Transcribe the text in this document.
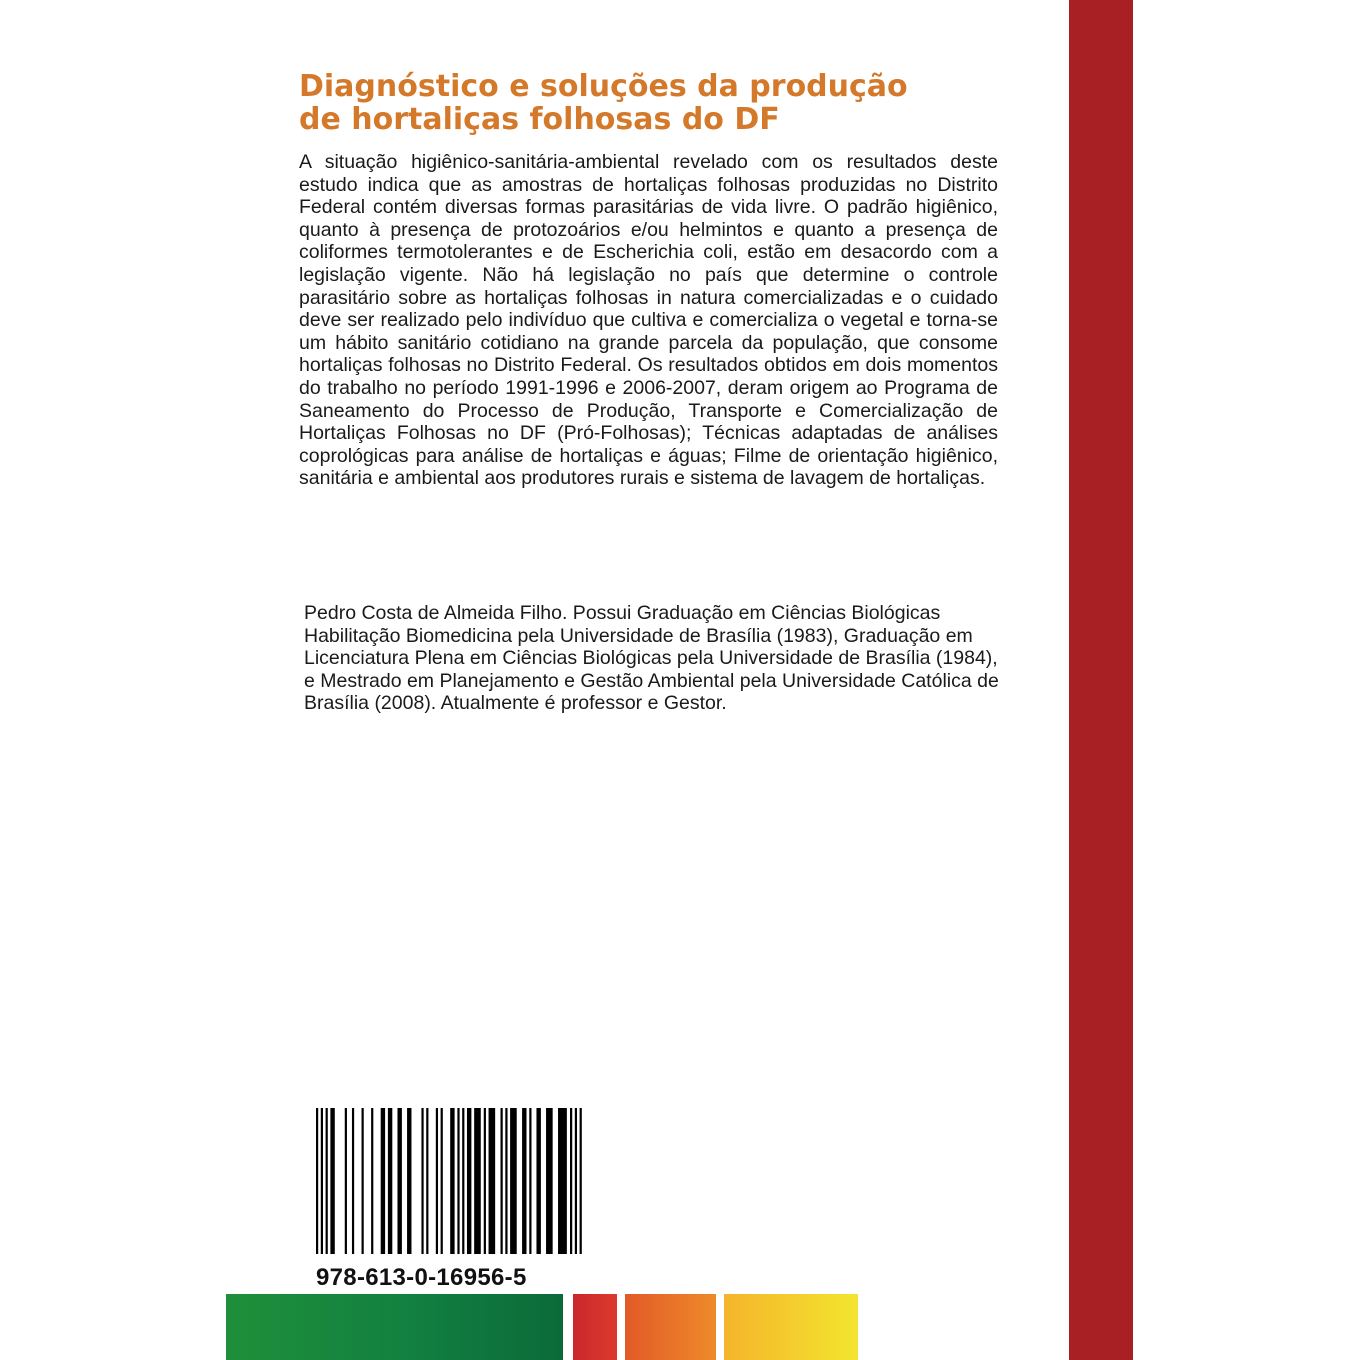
Diagnóstico e soluções da produção
de hortaliças folhosas do DF

A situação higiênico-sanitária-ambiental revelado com os resultados deste estudo indica que as amostras de hortaliças folhosas produzidas no Distrito Federal contém diversas formas parasitárias de vida livre. O padrão higiênico, quanto à presença de protozoários e/ou helmintos e quanto a presença de coliformes termotolerantes e de Escherichia coli, estão em desacordo com a legislação vigente. Não há legislação no país que determine o controle parasitário sobre as hortaliças folhosas in natura comercializadas e o cuidado deve ser realizado pelo indivíduo que cultiva e comercializa o vegetal e torna-se um hábito sanitário cotidiano na grande parcela da população, que consome hortaliças folhosas no Distrito Federal. Os resultados obtidos em dois momentos do trabalho no período 1991-1996 e 2006-2007, deram origem ao Programa de Saneamento do Processo de Produção, Transporte e Comercialização de Hortaliças Folhosas no DF (Pró-Folhosas); Técnicas adaptadas de análises coprológicas para análise de hortaliças e águas; Filme de orientação higiênico, sanitária e ambiental aos produtores rurais e sistema de lavagem de hortaliças.

Pedro Costa de Almeida Filho. Possui Graduação em Ciências Biológicas Habilitação Biomedicina pela Universidade de Brasília (1983), Graduação em Licenciatura Plena em Ciências Biológicas pela Universidade de Brasília (1984), e Mestrado em Planejamento e Gestão Ambiental pela Universidade Católica de Brasília (2008). Atualmente é professor e Gestor.

978-613-0-16956-5
